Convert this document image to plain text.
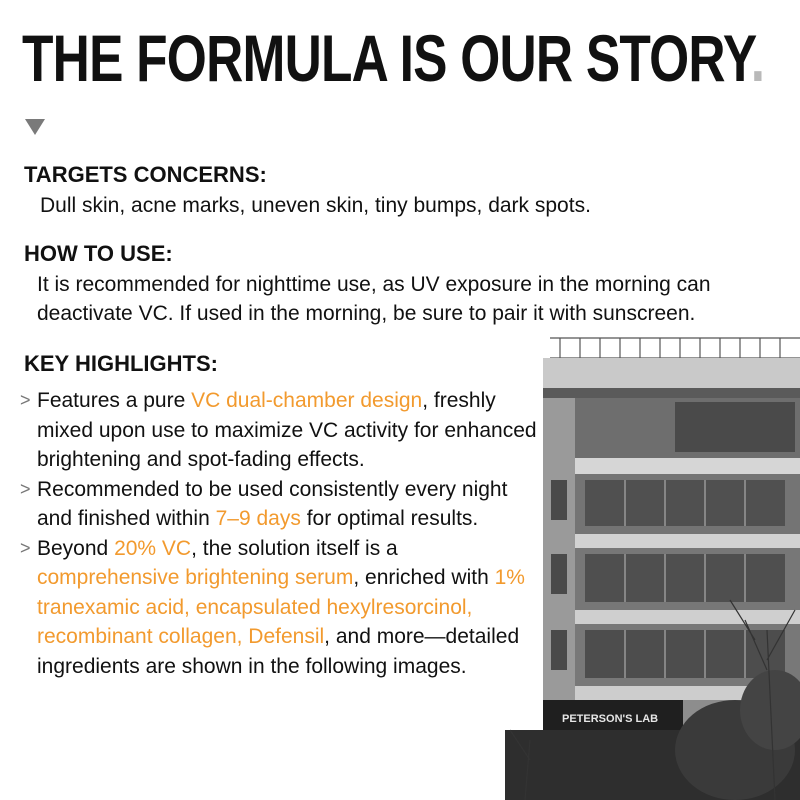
THE FORMULA IS OUR STORY.
TARGETS CONCERNS:

Dull skin, acne marks, uneven skin, tiny bumps, dark spots.

HOW TO USE:

It is recommended for nighttime use, as UV exposure in the morning can

deactivate VC. If used in the morning, be sure to pair it with sunscreen.

PETERSON'S LAB
KEY HIGHLIGHTS:
> Features a pure VC dual-chamber design, freshly mixed upon use to maximize VC activity for enhanced brightening and spot-fading effects.
> Recommended to be used consistently every night and finished within 7–9 days for optimal results.
> Beyond 20% VC, the solution itself is a comprehensive brightening serum, enriched with 1% tranexamic acid, encapsulated hexylresorcinol, recombinant collagen, Defensil, and more—detailed ingredients are shown in the following images.
